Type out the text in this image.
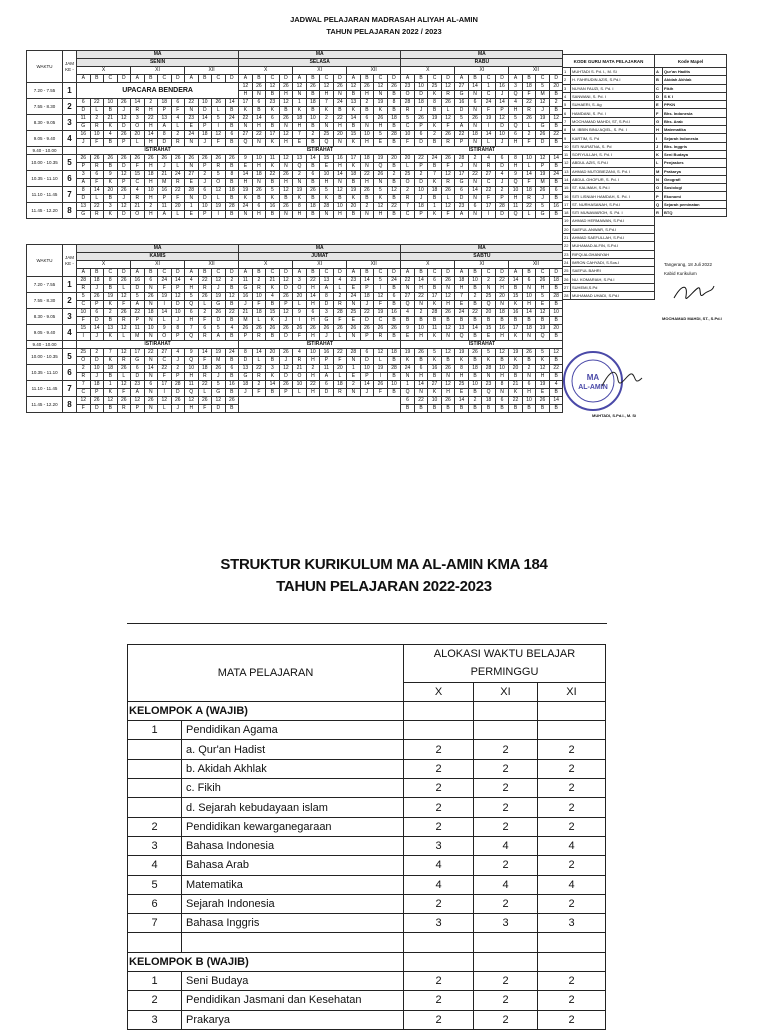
JADWAL PELAJARAN MADRASAH ALIYAH AL-AMIN
TAHUN PELAJARAN 2022 / 2023
WAKTU	JAM KE -	MA												MA												MA											
		SENIN												SELASA												RABU											
		X				XI				XII				X				XI				XII				X				XI				XII			
		A	B	C	D	A	B	C	D	A	B	C	D	A	B	C	D	A	B	C	D	A	B	C	D	A	B	C	D	A	B	C	D	A	B	C	D
7.20 - 7.55	1	UPACARA BENDERA												12	26	12	26	12	26	12	26	12	26	12	26	23	10	25	12	27	14	1	16	3	18	5	20
														H	N	B	H	N	B	H	N	B	H	N	B	O	D	K	R	G	N	C	J	Q	F	M	B
7.55 - 8.30	2	6	22	10	26	14	2	18	6	22	10	26	14	17	6	23	12	1	18	7	24	13	2	19	8	28	18	8	26	16	6	24	14	4	22	12	2
		D	L	B	J	R	H	P	F	N	D	L	B	K	B	K	B	K	B	K	B	K	B	K	B	R	J	B	L	D	N	F	P	H	R	J	B
8.30 - 9.05	3	11	2	21	12	3	22	13	4	23	14	5	24	22	14	6	26	18	10	2	22	14	6	26	18	5	26	19	12	5	26	19	12	5	26	19	12
		G	R	K	D	O	H	A	L	E	P	I	B	N	H	B	N	H	B	N	H	B	N	H	B	C	P	K	F	A	N	I	D	Q	L	G	B
9.05 - 9.40	4	16	10	4	26	20	14	8	2	24	18	12	6	27	22	17	12	7	2	25	20	15	10	5	28	10	6	2	26	22	18	14	10	6	2	26	22
		J	F	B	P	L	H	D	R	N	J	F	B	Q	N	K	H	E	B	Q	N	K	H	E	B	F	D	B	R	P	N	L	J	H	F	D	B
9.40 - 10.00		ISTIRAHAT												ISTIRAHAT												ISTIRAHAT											
10.00 - 10.35	5	26	26	26	26	26	26	26	26	26	26	26	26	9	10	11	12	13	14	15	16	17	18	19	20	20	22	24	26	28	2	4	6	8	10	12	14
		P	R	B	D	F	H	J	L	N	P	R	B	E	H	K	N	Q	B	E	H	K	N	Q	B	L	P	B	F	J	N	R	D	H	L	P	B
10.35 - 11.10	6	3	6	9	12	15	18	21	24	27	2	5	8	14	18	22	26	2	6	10	14	18	22	26	2	25	2	7	12	17	22	27	4	9	14	19	24
		A	F	K	P	C	H	M	R	E	J	O	B	H	N	B	H	N	B	H	N	B	H	N	B	O	D	K	R	G	N	C	J	Q	F	M	B
11.10 - 11.45	7	8	14	20	26	4	10	16	22	28	6	12	18	19	26	5	12	19	26	5	12	19	26	5	12	2	10	18	26	6	14	22	2	10	18	26	6
		D	L	B	J	R	H	P	F	N	D	L	B	K	B	K	B	K	B	K	B	K	B	K	B	R	J	B	L	D	N	F	P	H	R	J	B
11.45 - 12.20	8	13	22	3	12	21	2	11	20	1	10	19	28	24	6	16	26	8	18	28	10	20	2	12	22	7	18	1	12	23	6	17	28	11	22	5	16
		G	R	K	D	O	H	A	L	E	P	I	B	N	H	B	N	H	B	N	H	B	N	H	B	C	P	K	F	A	N	I	D	Q	L	G	B
WAKTU	JAM KE -	MA												MA												MA											
		KAMIS												JUMAT												SABTU											
		X				XI				XII				X				XI				XII				X				XI				XII			
		A	B	C	D	A	B	C	D	A	B	C	D	A	B	C	D	A	B	C	D	A	B	C	D	A	B	C	D	A	B	C	D	A	B	C	D
7.20 - 7.55	1	28	18	8	26	16	6	24	14	4	22	12	2	11	2	21	12	3	22	13	4	23	14	5	24	22	14	6	26	18	10	2	22	14	6	26	18
		R	J	B	L	D	N	F	P	H	R	J	B	G	R	K	D	O	H	A	L	E	P	I	B	N	H	B	N	H	B	N	H	B	N	H	B
7.55 - 8.30	2	5	26	19	12	5	26	19	12	5	26	19	12	16	10	4	26	20	14	8	2	24	18	12	6	27	22	17	12	7	2	25	20	15	10	5	28
		C	P	K	F	A	N	I	D	Q	L	G	B	J	F	B	P	L	H	D	R	N	J	F	B	Q	N	K	H	E	B	Q	N	K	H	E	B
8.30 - 9.05	3	10	6	2	26	22	18	14	10	6	2	26	22	21	18	15	12	9	6	3	28	25	22	19	16	4	2	28	26	24	22	20	18	16	14	12	10
		F	D	B	R	P	N	L	J	H	F	D	B	M	L	K	J	I	H	G	F	E	D	C	B	B	B	B	B	B	B	B	B	B	B	B	B
9.05 - 9.40	4	15	14	13	12	11	10	9	8	7	6	5	4	26	26	26	26	26	26	26	26	26	26	26	26	9	10	11	12	13	14	15	16	17	18	19	20
		I	J	K	L	M	N	O	P	Q	R	A	B	P	R	B	D	F	H	J	L	N	P	R	B	E	H	K	N	Q	B	E	H	K	N	Q	B
9.40 - 10.00		ISTIRAHAT												ISTIRAHAT												ISTIRAHAT											
10.00 - 10.35	5	25	2	7	12	17	22	27	4	9	14	19	24	8	14	20	26	4	10	16	22	28	6	12	18	19	26	5	12	19	26	5	12	19	26	5	12
		O	D	K	R	G	N	C	J	Q	F	M	B	D	L	B	J	R	H	P	F	N	D	L	B	K	B	K	B	K	B	K	B	K	B	K	B
10.35 - 11.10	6	2	10	18	26	6	14	22	2	10	18	26	6	13	22	3	12	21	2	11	20	1	10	19	28	24	6	16	26	8	18	28	10	20	2	12	22
		R	J	B	L	D	N	F	P	H	R	J	B	G	R	K	D	O	H	A	L	E	P	I	B	N	H	B	N	H	B	N	H	B	N	H	B
11.10 - 11.45	7	7	18	1	12	23	6	17	28	11	22	5	16	18	2	14	26	10	22	6	18	2	14	26	10	1	14	27	12	25	10	23	8	21	6	19	4
		C	P	K	F	A	N	I	D	Q	L	G	B	J	F	B	P	L	H	D	R	N	J	F	B	Q	N	K	H	E	B	Q	N	K	H	E	B
11.45 - 12.20	8	12	26	12	26	12	26	12	26	12	26	12	26													6	22	10	26	14	2	18	6	22	10	26	14
		F	D	B	R	P	N	L	J	H	F	D	B													B	B	B	B	B	B	B	B	B	B	B	B
KODE GURU MATA PELAJARAN	
1	MUHTADI S. Pd. I., M. Si
2	H. FAHRUDIN AZIS, S.Pd.I
3	NUYAN FAUZI, S. Pd. I
4	SANWANI, S. Pd. I
5	SUHAERI, S. Ag
6	HAMDANI, S. Pd. I
7	MOCHAMAD MAHDI, ST, S.Pd.I
8	M. IBBIN BINU AQIEL, S. Pd. I
9	KARTIM, S. Pd
10	SITI NURATNA, S. Pd
11	SOFIYULLAH, S. Pd. I
12	ABDUL AZIS, S.Pd.I
13	AHMAD MUTOBIEZANI, S. Pd. I
14	ABDUL GHOFUR, S. Pd. I
15	ST. KALIMAH, S.Pd.I
16	SITI LISNIAH HAMDAH, S. Pd. I
17	ST. NURHASANAH, S.Pd.I
18	SITI MUNAWAROH, S. Pd. I
19	AHMAD HERMAWAN, S.Pd.I
20	SAEFUL ANWAR, S.Pd.I
21	AHMAD SAEFULLAH, S.Pd.I
22	MUHAMAD ALFIN, S.Pd.I
23	RIFQI ALGHANIYAH
24	IMRON CAHYADI, S.Sos.I
25	SAEFUL BAHRI
26	NU. KOMARIAH, S.Pd.I
27	SUHEMI,S.Pd
28	MUHAMAD UHADI, S.Pd.I
Kode Mapel	
A	Qur'an Hadits
B	Akidah Akhlak
C	Fikih
D	S K I
E	PPKN
F	Bhs. Indonesia
G	Bhs. Arab
H	Matematika
I	Sejarah Indonesia
J	Bhs. Inggris
K	Seni Budaya
L	Penjaskes
M	Prakarya
N	Geografi
O	Sosiologi
P	Ekonomi
Q	Sejarah peminatan
R	BTQ
Tangerang, 18 Juli 2022
Kabid Kurikulum
MOCHAMAD MAHDI, ST., S.Pd.I
MA
AL-AMIN
MUHTADI, S.Pd.I., M. Si
STRUKTUR KURIKULUM MA AL-AMIN KMA 184
TAHUN PELAJARAN 2022-2023
MATA PELAJARAN		ALOKASI WAKTU BELAJAR		
		PERMINGGU		
		X	XI	XI
KELOMPOK A (WAJIB)				
1	Pendidikan Agama			
	a. Qur'an Hadist	2	2	2
	b. Akidah Akhlak	2	2	2
	c. Fikih	2	2	2
	d. Sejarah kebudayaan islam	2	2	2
2	Pendidikan kewarganegaraan	2	2	2
3	Bahasa Indonesia	3	4	4
4	Bahasa Arab	4	2	2
5	Matematika	4	4	4
6	Sejarah Indonesia	2	2	2
7	Bahasa Inggris	3	3	3

KELOMPOK B (WAJIB)				
1	Seni Budaya	2	2	2
2	Pendidikan Jasmani dan Kesehatan	2	2	2
3	Prakarya	2	2	2
